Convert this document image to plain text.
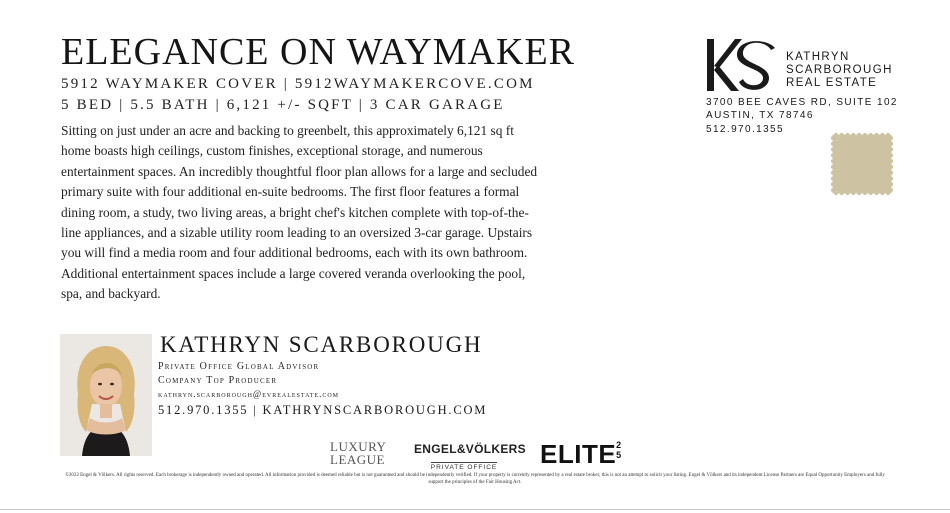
ELEGANCE ON WAYMAKER
5912 WAYMAKER COVER | 5912WAYMAKERCOVE.COM
5 BED | 5.5 BATH | 6,121 +/- SQFT | 3 CAR GARAGE
Sitting on just under an acre and backing to greenbelt, this approximately 6,121 sq ft home boasts high ceilings, custom finishes, exceptional storage, and numerous entertainment spaces. An incredibly thoughtful floor plan allows for a large and secluded primary suite with four additional en-suite bedrooms. The first floor features a formal dining room, a study, two living areas, a bright chef's kitchen complete with top-of-the-line appliances, and a sizable utility room leading to an oversized 3-car garage. Upstairs you will find a media room and four additional bedrooms, each with its own bathroom. Additional entertainment spaces include a large covered veranda overlooking the pool, spa, and backyard.
KATHRYN SCARBOROUGH
Private Office Global Advisor
Company Top Producer
kathryn.scarborough@evrealestate.com
512.970.1355 | KATHRYNSCARBOROUGH.COM
KATHRYN
SCARBOROUGH
REAL ESTATE
3700 BEE CAVES RD, SUITE 102
AUSTIN, TX 78746
512.970.1355
LUXURY
LEAGUE
ENGEL&VÖLKERS
PRIVATE OFFICE	ELITE2
5
©2022 Engel & Völkers. All rights reserved. Each brokerage is independently owned and operated. All information provided is deemed reliable but is not guaranteed and should be independently verified. If your property is currently represented by a real estate broker, this is not an attempt to solicit your listing. Engel & Völkers and its independent License Partners are Equal Opportunity Employers and fully support the principles of the Fair Housing Act.
